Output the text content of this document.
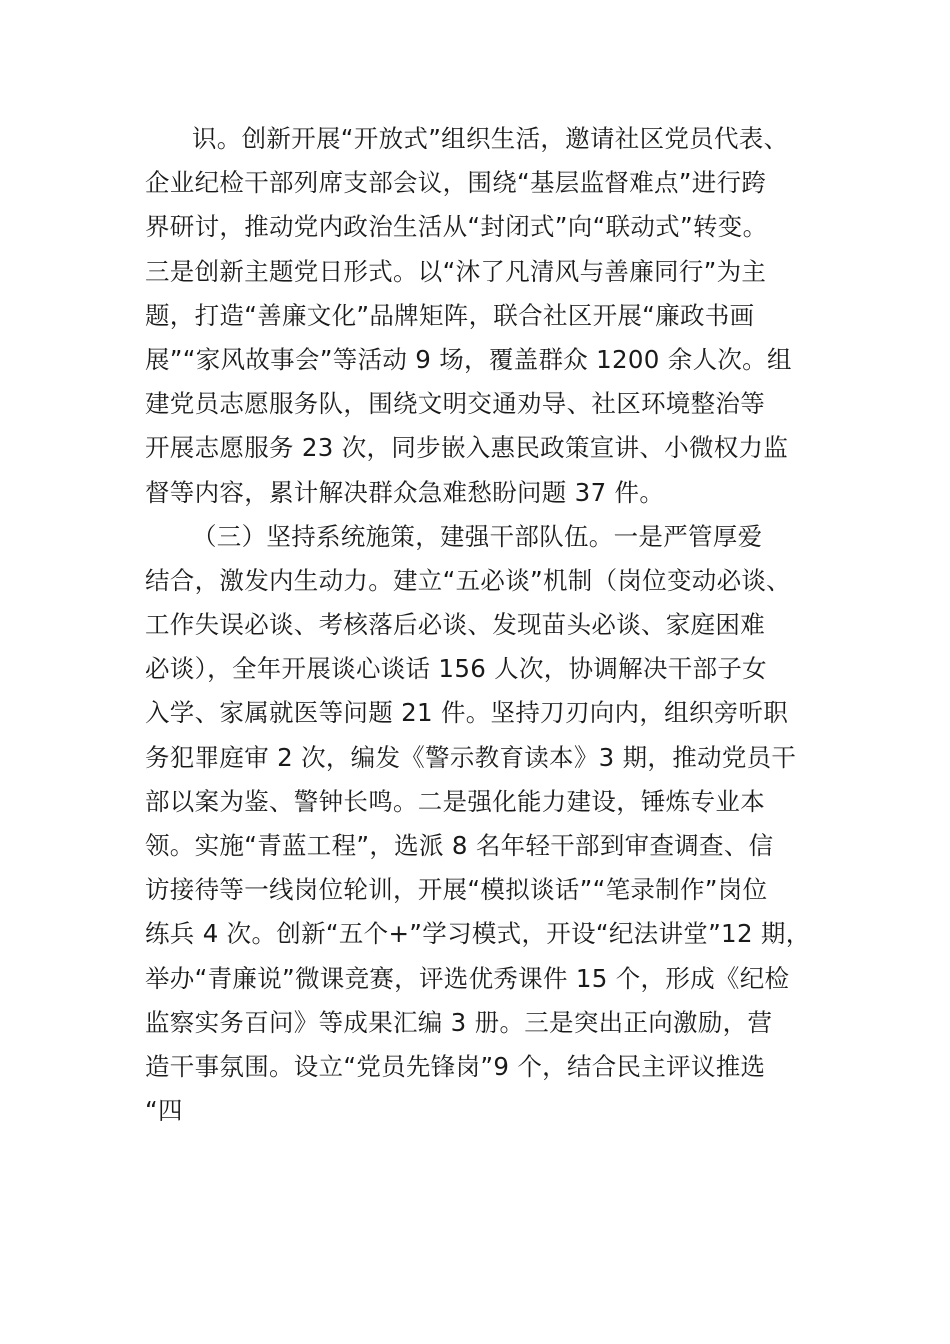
识。创新开展“开放式”组织生活，邀请社区党员代表、
企业纪检干部列席支部会议，围绕“基层监督难点”进行跨
界研讨，推动党内政治生活从“封闭式”向“联动式”转变。
三是创新主题党日形式。以“沐了凡清风与善廉同行”为主
题，打造“善廉文化”品牌矩阵，联合社区开展“廉政书画
展”“家风故事会”等活动 9 场，覆盖群众 1200 余人次。组
建党员志愿服务队，围绕文明交通劝导、社区环境整治等
开展志愿服务 23 次，同步嵌入惠民政策宣讲、小微权力监
督等内容，累计解决群众急难愁盼问题 37 件。
（三）坚持系统施策，建强干部队伍。一是严管厚爱
结合，激发内生动力。建立“五必谈”机制（岗位变动必谈、
工作失误必谈、考核落后必谈、发现苗头必谈、家庭困难
必谈），全年开展谈心谈话 156 人次，协调解决干部子女
入学、家属就医等问题 21 件。坚持刀刃向内，组织旁听职
务犯罪庭审 2 次，编发《警示教育读本》3 期，推动党员干
部以案为鉴、警钟长鸣。二是强化能力建设，锤炼专业本
领。实施“青蓝工程”，选派 8 名年轻干部到审查调查、信
访接待等一线岗位轮训，开展“模拟谈话”“笔录制作”岗位
练兵 4 次。创新“五个+”学习模式，开设“纪法讲堂”12 期，
举办“青廉说”微课竞赛，评选优秀课件 15 个，形成《纪检
监察实务百问》等成果汇编 3 册。三是突出正向激励，营
造干事氛围。设立“党员先锋岗”9 个，结合民主评议推选
“四
